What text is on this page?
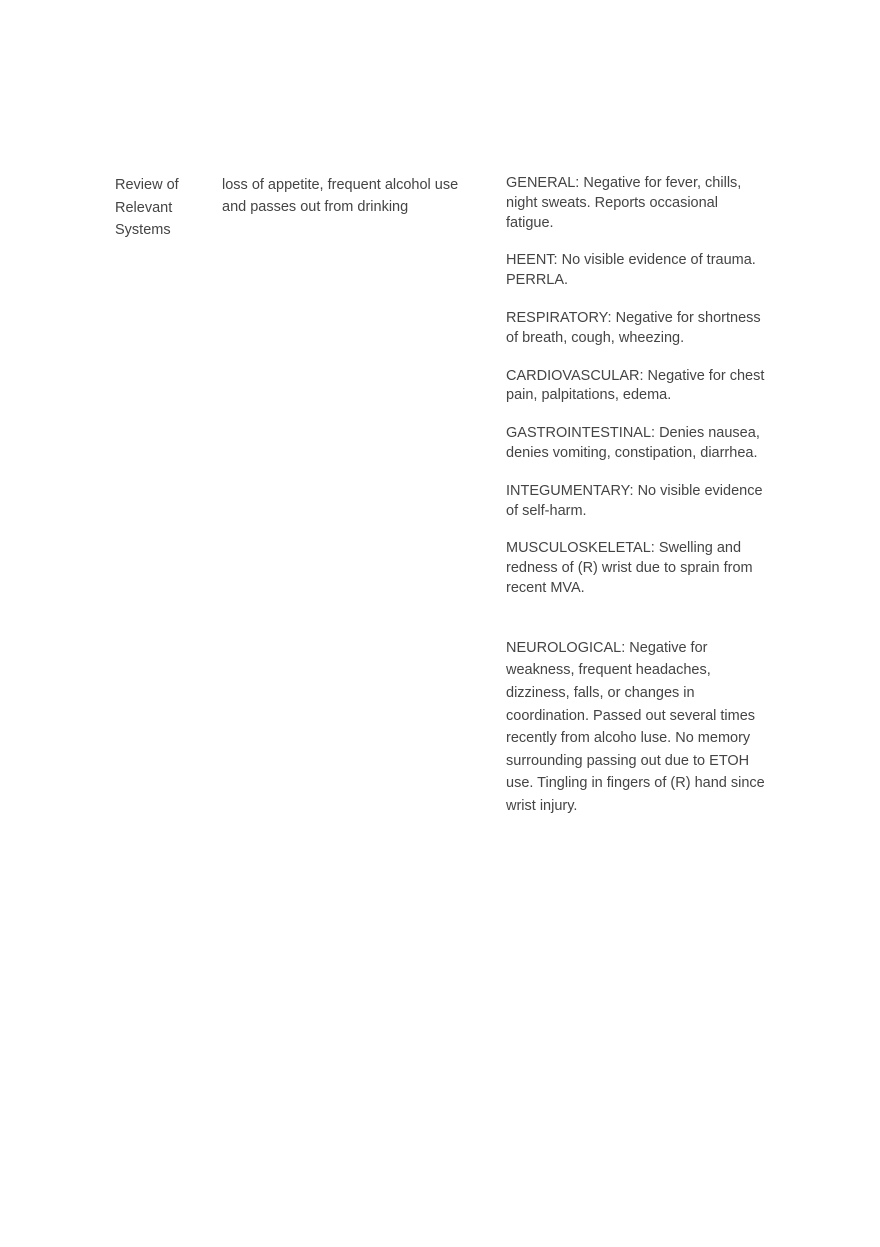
Review of
Relevant
Systems
loss of appetite, frequent alcohol use and passes out from drinking

GENERAL: Negative for fever, chills, night sweats. Reports occasional fatigue.

HEENT: No visible evidence of trauma. PERRLA.

RESPIRATORY: Negative for shortness of breath, cough, wheezing.

CARDIOVASCULAR: Negative for chest pain, palpitations, edema.

GASTROINTESTINAL: Denies nausea, denies vomiting, constipation, diarrhea.

INTEGUMENTARY: No visible evidence of self-harm.

MUSCULOSKELETAL: Swelling and redness of (R) wrist due to sprain from recent MVA.

NEUROLOGICAL: Negative for weakness, frequent headaches, dizziness, falls, or changes in coordination. Passed out several times recently from alcoho luse. No memory surrounding passing out due to ETOH use. Tingling in fingers of (R) hand since wrist injury.
